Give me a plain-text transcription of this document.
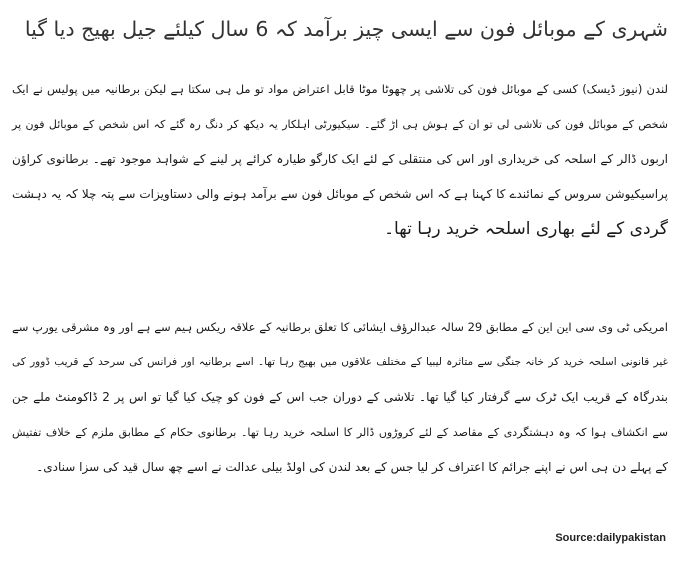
شہری کے موبائل فون سے ایسی چیز برآمد کہ 6 سال کیلئے جیل بھیج دیا گیا
لندن (نیوز ڈیسک) کسی کے موبائل فون کی تلاشی پر چھوٹا موٹا قابل اعتراض مواد تو مل ہی سکتا ہے لیکن برطانیہ میں پولیس نے ایک
شخص کے موبائل فون کی تلاشی لی تو ان کے ہوش ہی اڑ گئے۔ سیکیورٹی اہلکار یہ دیکھ کر دنگ رہ گئے کہ اس شخص کے موبائل فون پر
اربوں ڈالر کے اسلحہ کی خریداری اور اس کی منتقلی کے لئے ایک کارگو طیارہ کرائے پر لینے کے شواہد موجود تھے۔ برطانوی کراؤن
پراسیکیوشن سروس کے نمائندے کا کہنا ہے کہ اس شخص کے موبائل فون سے برآمد ہونے والی دستاویزات سے پتہ چلا کہ یہ دہشت
گردی کے لئے بھاری اسلحہ خرید رہا تھا۔
امریکی ٹی وی سی این این کے مطابق 29 سالہ عبدالرؤف ایشائی کا تعلق برطانیہ کے علاقہ ریکس ہیم سے ہے اور وہ مشرقی یورپ سے
غیر قانونی اسلحہ خرید کر خانہ جنگی سے متاثرہ لیبیا کے مختلف علاقوں میں بھیج رہا تھا۔ اسے برطانیہ اور فرانس کی سرحد کے قریب ڈوور کی
بندرگاہ کے قریب ایک ٹرک سے گرفتار کیا گیا تھا۔ تلاشی کے دوران جب اس کے فون کو چیک کیا گیا تو اس پر 2 ڈاکومنٹ ملے جن
سے انکشاف ہوا کہ وہ دہشتگردی کے مقاصد کے لئے کروڑوں ڈالر کا اسلحہ خرید رہا تھا۔ برطانوی حکام کے مطابق ملزم کے خلاف تفتیش
کے پہلے دن ہی اس نے اپنے جرائم کا اعتراف کر لیا جس کے بعد لندن کی اولڈ بیلی عدالت نے اسے چھ سال قید کی سزا سنادی۔
Source:dailypakistan
